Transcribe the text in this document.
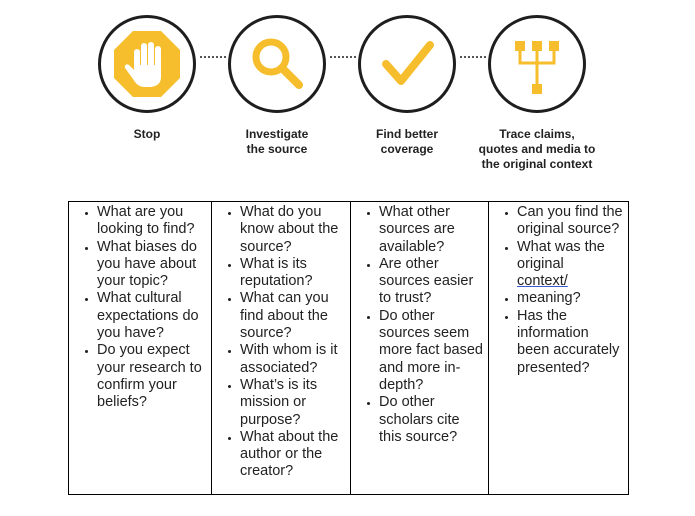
Stop	Investigate
the source
Find better
coverage
Trace claims,
quotes and media to
the original context
• What are you looking to find?
• What biases do you have about your topic?
• What cultural expectations do you have?
• Do you expect your research to confirm your beliefs?

• What do you know about the source?
• What is its reputation?
• What can you find about the source?
• With whom is it associated?
• What’s is its mission or purpose?
• What about the author or the creator?

• What other sources are available?
• Are other sources easier to trust?
• Do other sources seem more fact based and more in-depth?
• Do other scholars cite this source?

• Can you find the original source?
• What was the original
context/
• meaning?
• Has the information been accurately presented?
